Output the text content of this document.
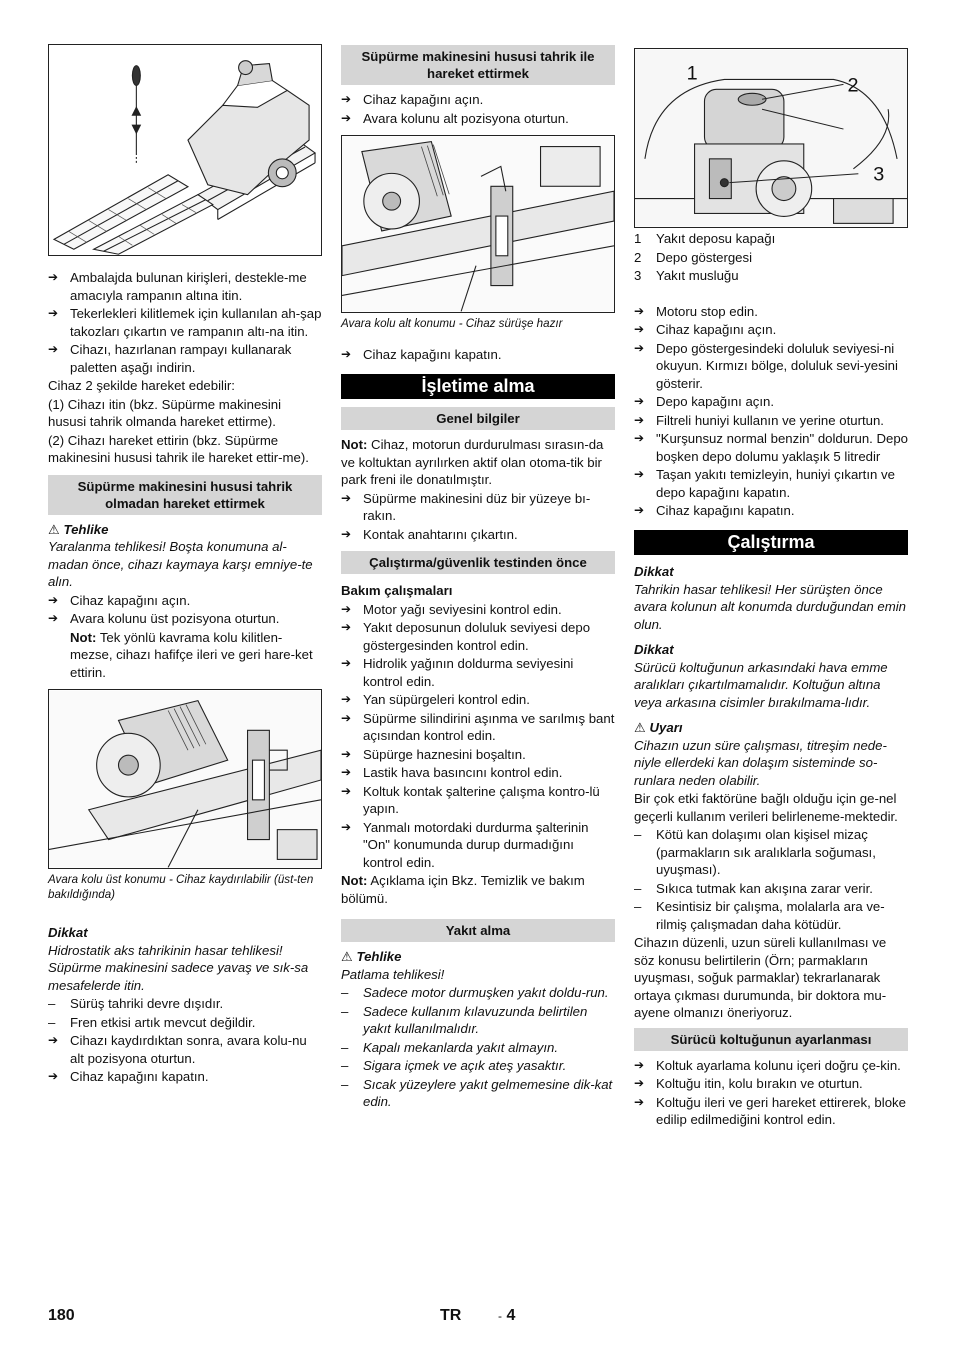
➔ Ambalajda bulunan kirişleri, destekle-me amacıyla rampanın altına itin.
➔ Tekerlekleri kilitlemek için kullanılan ah-şap takozları çıkartın ve rampanın altı-na itin.
➔ Cihazı, hazırlanan rampayı kullanarak paletten aşağı indirin.
Cihaz 2 şekilde hareket edebilir:
(1) Cihazı itin (bkz. Süpürme makinesini hususi tahrik olmanda hareket ettirme).
(2) Cihazı hareket ettirin (bkz. Süpürme makinesini hususi tahrik ile hareket ettir-me).
Süpürme makinesini hususi tahrik olmadan hareket ettirmek
⚠ Tehlike
Yaralanma tehlikesi! Boşta konumuna al-madan önce, cihazı kaymaya karşı emniye-te alın.
➔ Cihaz kapağını açın.
➔ Avara kolunu üst pozisyona oturtun.
Not: Tek yönlü kavrama kolu kilitlen-mezse, cihazı hafifçe ileri ve geri hare-ket ettirin.
Avara kolu üst konumu - Cihaz kaydırılabilir (üst-ten bakıldığında)
Dikkat
Hidrostatik aks tahrikinin hasar tehlikesi! Süpürme makinesini sadece yavaş ve sık-sa mesafelerde itin.
–	Sürüş tahriki devre dışıdır.
–	Fren etkisi artık mevcut değildir.
➔ Cihazı kaydırdıktan sonra, avara kolu-nu alt pozisyona oturtun.
➔ Cihaz kapağını kapatın.
Süpürme makinesini hususi tahrik ile hareket ettirmek
➔ Cihaz kapağını açın.
➔ Avara kolunu alt pozisyona oturtun.
Avara kolu alt konumu - Cihaz sürüşe hazır
➔ Cihaz kapağını kapatın.
İşletime alma
Genel bilgiler
Not: Cihaz, motorun durdurulması sırasın-da ve koltuktan ayrılırken aktif olan otoma-tik bir park freni ile donatılmıştır.
➔ Süpürme makinesini düz bir yüzeye bı-rakın.
➔ Kontak anahtarını çıkartın.
Çalıştırma/güvenlik testinden önce
Bakım çalışmaları
➔ Motor yağı seviyesini kontrol edin.
➔ Yakıt deposunun doluluk seviyesi depo göstergesinden kontrol edin.
➔ Hidrolik yağının doldurma seviyesini kontrol edin.
➔ Yan süpürgeleri kontrol edin.
➔ Süpürme silindirini aşınma ve sarılmış bant açısından kontrol edin.
➔ Süpürge haznesini boşaltın.
➔ Lastik hava basıncını kontrol edin.
➔ Koltuk kontak şalterine çalışma kontro-lü yapın.
➔ Yanmalı motordaki durdurma şalterinin "On" konumunda durup durmadığını kontrol edin.
Not: Açıklama için Bkz. Temizlik ve bakım bölümü.
Yakıt alma
⚠ Tehlike
Patlama tehlikesi!
–	Sadece motor durmuşken yakıt doldu-run.
–	Sadece kullanım kılavuzunda belirtilen yakıt kullanılmalıdır.
–	Kapalı mekanlarda yakıt almayın.
–	Sigara içmek ve açık ateş yasaktır.
–	Sıcak yüzeylere yakıt gelmemesine dik-kat edin.
1
2
3
1	Yakıt deposu kapağı
2	Depo göstergesi
3	Yakıt musluğu
➔ Motoru stop edin.
➔ Cihaz kapağını açın.
➔ Depo göstergesindeki doluluk seviyesi-ni okuyun. Kırmızı bölge, doluluk sevi-yesini gösterir.
➔ Depo kapağını açın.
➔ Filtreli huniyi kullanın ve yerine oturtun.
➔ "Kurşunsuz normal benzin" doldurun. Depo boşken depo dolumu yaklaşık 5 litredir
➔ Taşan yakıtı temizleyin, huniyi çıkartın ve depo kapağını kapatın.
➔ Cihaz kapağını kapatın.
Çalıştırma
Dikkat
Tahrikin hasar tehlikesi! Her sürüşten önce avara kolunun alt konumda durduğundan emin olun.
Dikkat
Sürücü koltuğunun arkasındaki hava emme aralıkları çıkartılmamalıdır. Koltuğun altına veya arkasına cisimler bırakılmama-lıdır.
⚠ Uyarı
Cihazın uzun süre çalışması, titreşim nede-niyle ellerdeki kan dolaşım sisteminde so-runlara neden olabilir.
Bir çok etki faktörüne bağlı olduğu için ge-nel geçerli kullanım verileri belirleneme-mektedir.
–	Kötü kan dolaşımı olan kişisel mizaç (parmakların sık aralıklarla soğuması, uyuşması).
–	Sıkıca tutmak kan akışına zarar verir.
–	Kesintisiz bir çalışma, molalarla ara ve-rilmiş çalışmadan daha kötüdür.
Cihazın düzenli, uzun süreli kullanılması ve söz konusu belirtilerin (Örn; parmakların uyuşması, soğuk parmaklar) tekrarlanarak ortaya çıkması durumunda, bir doktora mu-ayene olmanızı öneriyoruz.
Sürücü koltuğunun ayarlanması
➔ Koltuk ayarlama kolunu içeri doğru çe-kin.
➔ Koltuğu itin, kolu bırakın ve oturtun.
➔ Koltuğu ileri ve geri hareket ettirerek, bloke edilip edilmediğini kontrol edin.
180	TR	- 4
